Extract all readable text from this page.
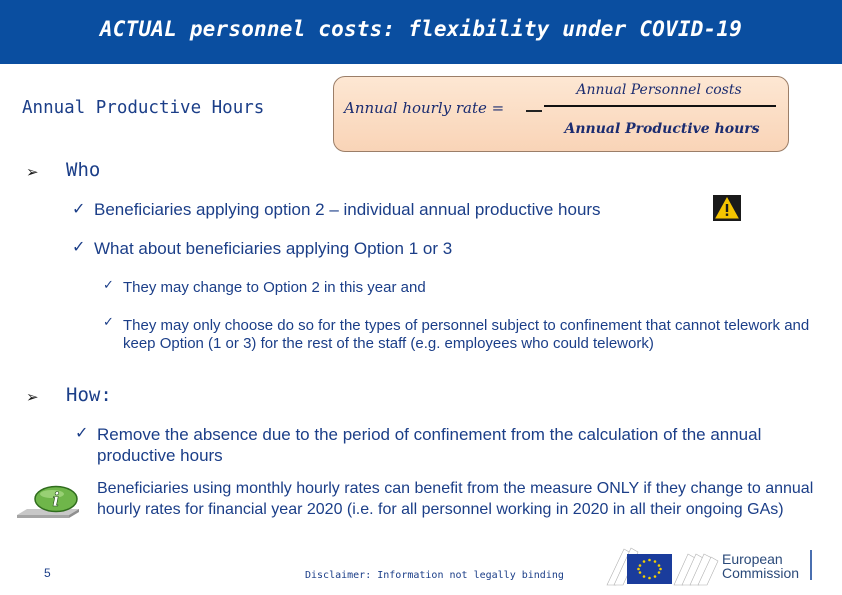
ACTUAL personnel costs: flexibility under COVID-19
Annual Productive Hours	Annual hourly rate =
Annual Personnel costs
Annual Productive hours
➢ Who
✓ Beneficiaries applying option 2 – individual annual productive hours
✓ What about beneficiaries applying Option 1 or 3
✓ They may change to Option 2 in this year and
✓ They may only choose do so for the types of personnel subject to confinement that cannot telework and keep Option (1 or 3) for the rest of the staff (e.g. employees who could telework)
➢ How:
✓ Remove the absence due to the period of confinement from the calculation of the annual productive hours
i
Beneficiaries using monthly hourly rates can benefit from the measure ONLY if they change to annual hourly rates for financial year 2020 (i.e. for all personnel working in 2020 in all their ongoing GAs)
5	Disclaimer: Information not legally binding
European
Commission
